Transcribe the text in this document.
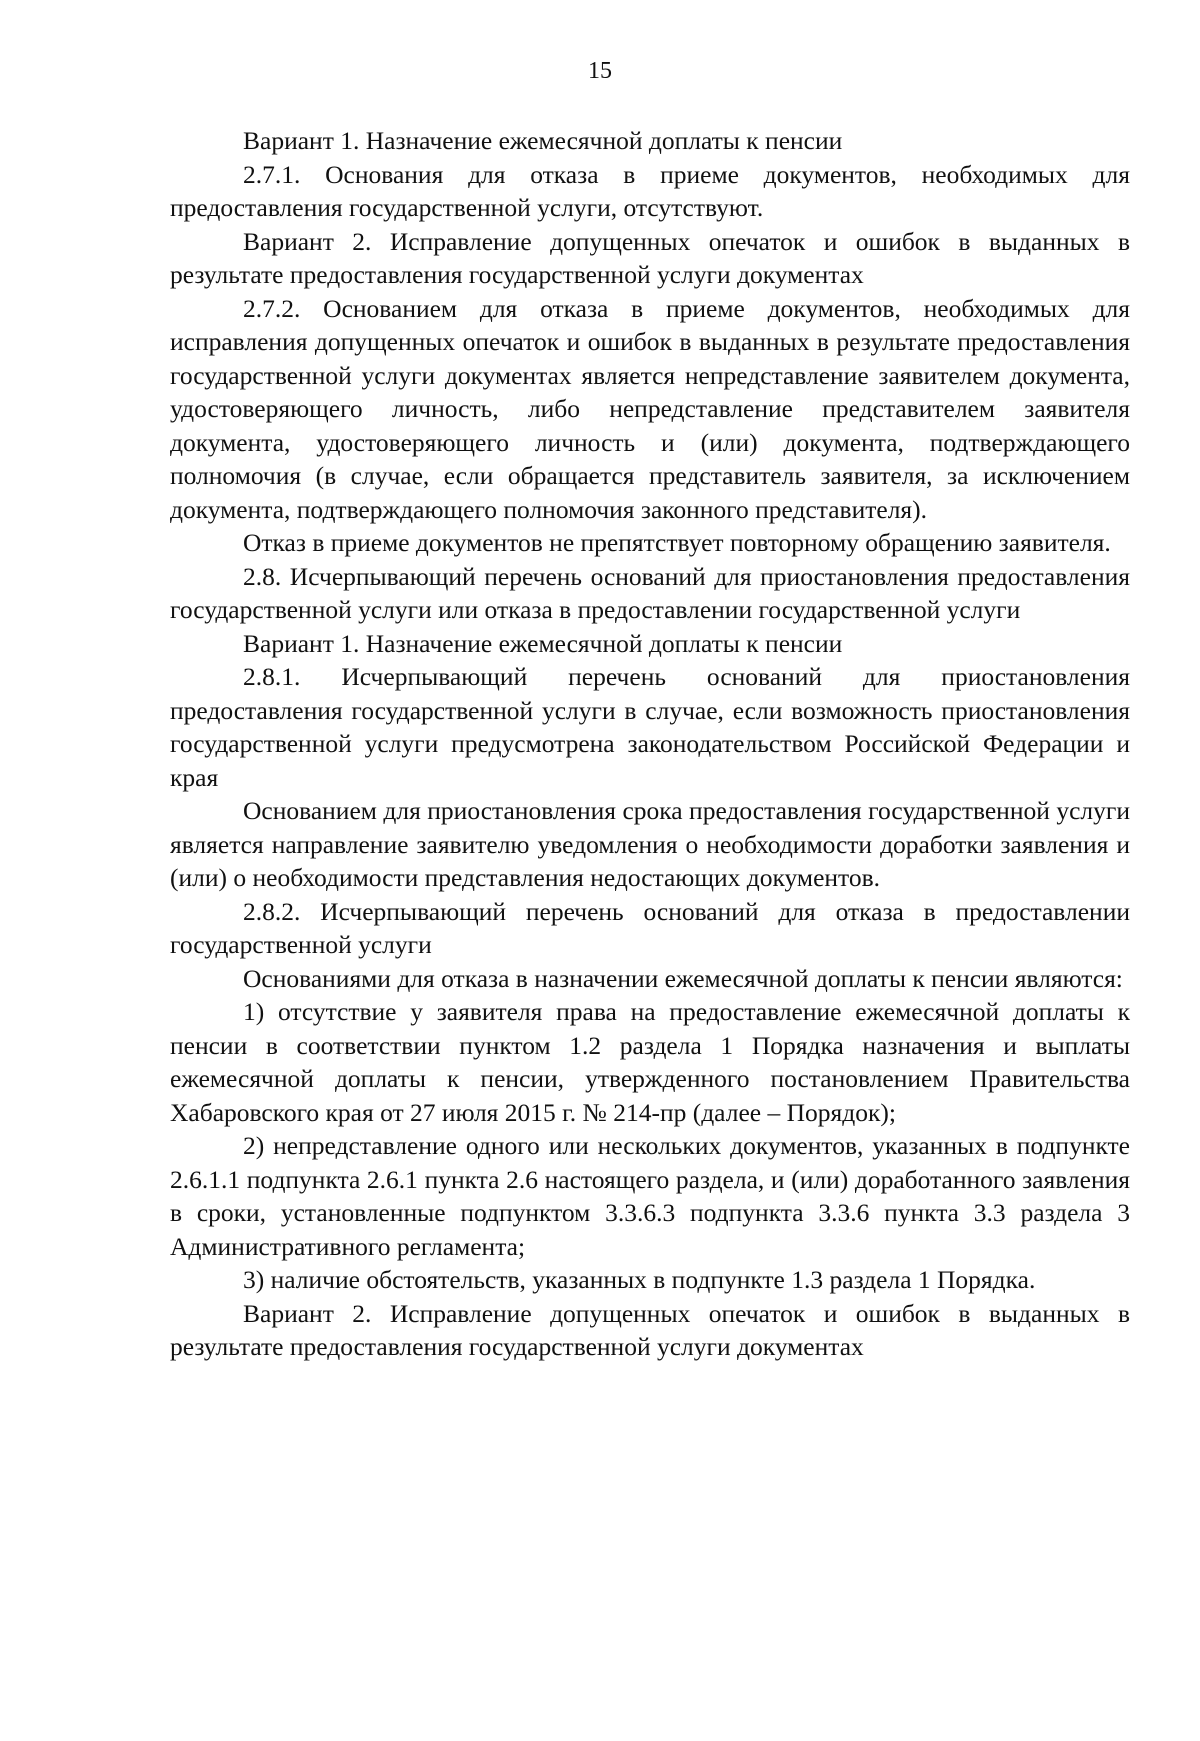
15

Вариант 1. Назначение ежемесячной доплаты к пенсии

2.7.1. Основания для отказа в приеме документов, необходимых для предоставления государственной услуги, отсутствуют.

Вариант 2. Исправление допущенных опечаток и ошибок в выданных в результате предоставления государственной услуги документах

2.7.2. Основанием для отказа в приеме документов, необходимых для исправления допущенных опечаток и ошибок в выданных в результате предоставления государственной услуги документах является непредставление заявителем документа, удостоверяющего личность, либо непредставление представителем заявителя документа, удостоверяющего личность и (или) документа, подтверждающего полномочия (в случае, если обращается представитель заявителя, за исключением документа, подтверждающего полномочия законного представителя).

Отказ в приеме документов не препятствует повторному обращению заявителя.

2.8. Исчерпывающий перечень оснований для приостановления предоставления государственной услуги или отказа в предоставлении государственной услуги

Вариант 1. Назначение ежемесячной доплаты к пенсии

2.8.1. Исчерпывающий перечень оснований для приостановления предоставления государственной услуги в случае, если возможность приостановления государственной услуги предусмотрена законодательством Российской Федерации и края

Основанием для приостановления срока предоставления государственной услуги является направление заявителю уведомления о необходимости доработки заявления и (или) о необходимости представления недостающих документов.

2.8.2. Исчерпывающий перечень оснований для отказа в предоставлении государственной услуги

Основаниями для отказа в назначении ежемесячной доплаты к пенсии являются:

1) отсутствие у заявителя права на предоставление ежемесячной доплаты к пенсии в соответствии пунктом 1.2 раздела 1 Порядка назначения и выплаты ежемесячной доплаты к пенсии, утвержденного постановлением Правительства Хабаровского края от 27 июля 2015 г. № 214-пр (далее – Порядок);

2) непредставление одного или нескольких документов, указанных в подпункте 2.6.1.1 подпункта 2.6.1 пункта 2.6 настоящего раздела, и (или) доработанного заявления в сроки, установленные подпунктом 3.3.6.3 подпункта 3.3.6 пункта 3.3 раздела 3 Административного регламента;

3) наличие обстоятельств, указанных в подпункте 1.3 раздела 1 Порядка.

Вариант 2. Исправление допущенных опечаток и ошибок в выданных в результате предоставления государственной услуги документах
